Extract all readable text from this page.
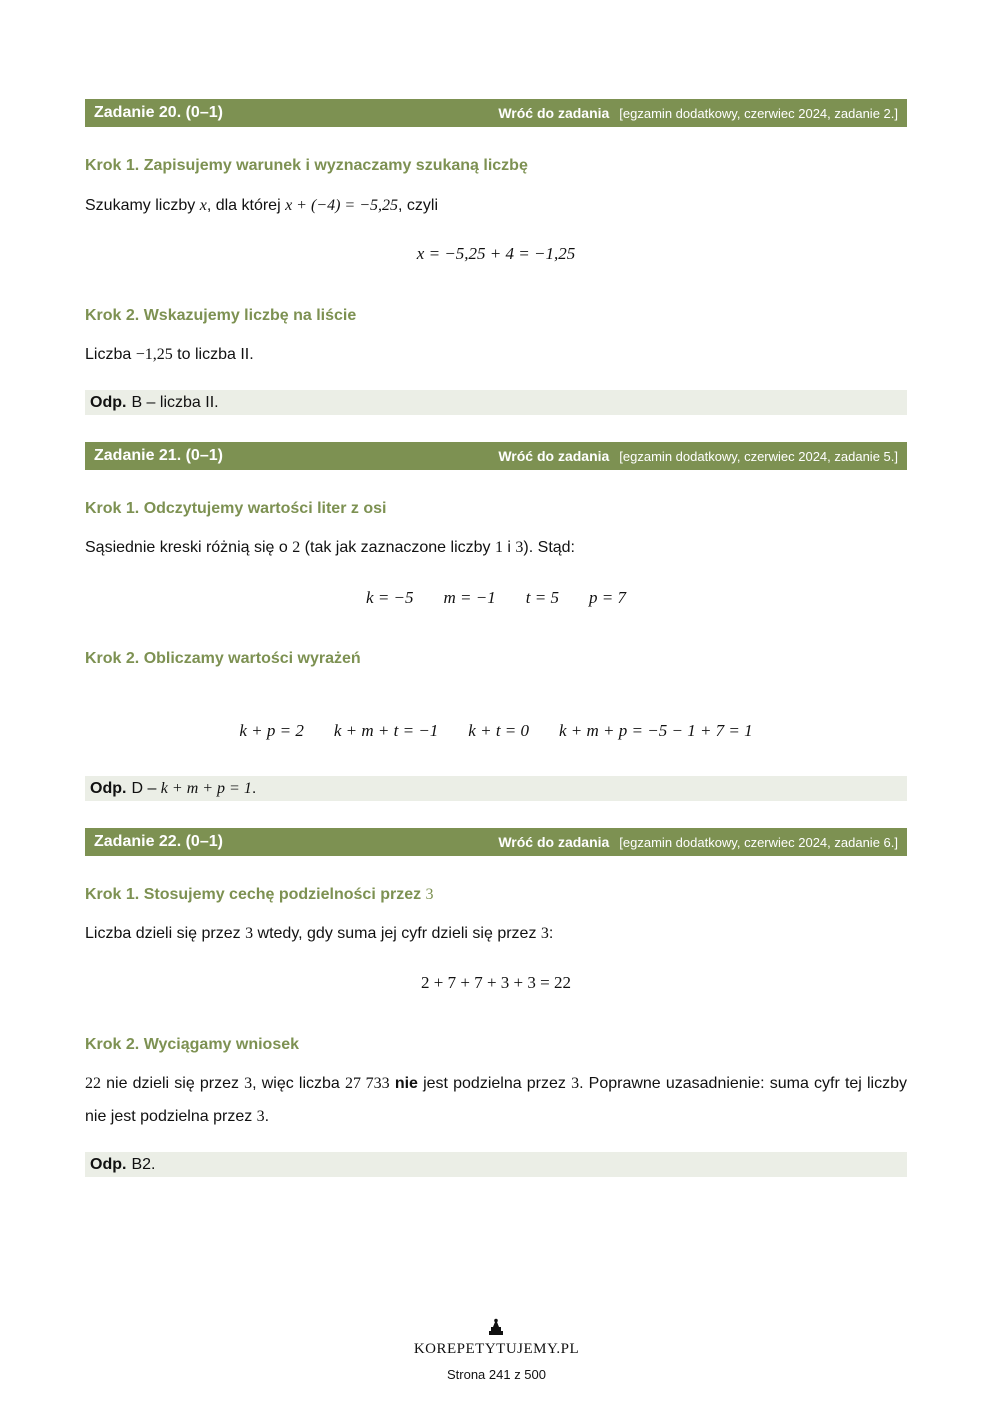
Zadanie 20. (0–1)	Wróć do zadania [egzamin dodatkowy, czerwiec 2024, zadanie 2.]
Krok 1. Zapisujemy warunek i wyznaczamy szukaną liczbę
Szukamy liczby x, dla której x + (−4) = −5,25, czyli
x = −5,25 + 4 = −1,25
Krok 2. Wskazujemy liczbę na liście
Liczba −1,25 to liczba II.
Odp. B – liczba II.
Zadanie 21. (0–1)	Wróć do zadania [egzamin dodatkowy, czerwiec 2024, zadanie 5.]
Krok 1. Odczytujemy wartości liter z osi
Sąsiednie kreski różnią się o 2 (tak jak zaznaczone liczby 1 i 3). Stąd:
k = −5 m = −1 t = 5 p = 7
Krok 2. Obliczamy wartości wyrażeń
k + p = 2 k + m + t = −1 k + t = 0 k + m + p = −5 − 1 + 7 = 1
Odp. D –
k + m + p = 1 .
Zadanie 22. (0–1)	Wróć do zadania [egzamin dodatkowy, czerwiec 2024, zadanie 6.]
Krok 1. Stosujemy cechę podzielności przez 3
Liczba dzieli się przez 3 wtedy, gdy suma jej cyfr dzieli się przez 3:
2 + 7 + 7 + 3 + 3 = 22
Krok 2. Wyciągamy wniosek
22 nie dzieli się przez 3, więc liczba 27 733 nie jest podzielna przez 3. Poprawne uzasadnienie: suma cyfr tej liczby nie jest podzielna przez 3.
Odp. B2.
KOREPETYTUJEMY.PL
Strona 241 z 500
